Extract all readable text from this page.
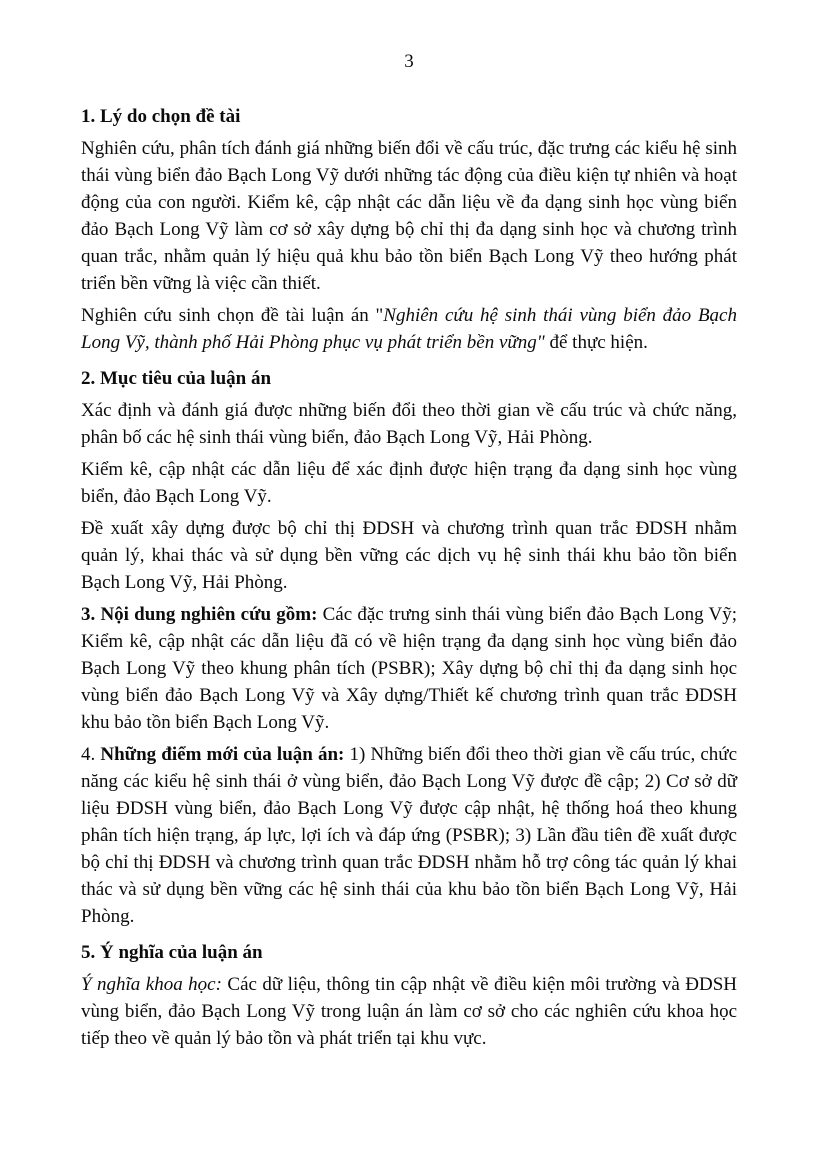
3
1. Lý do chọn đề tài

Nghiên cứu, phân tích đánh giá những biến đổi về cấu trúc, đặc trưng các kiểu hệ sinh thái vùng biển đảo Bạch Long Vỹ dưới những tác động của điều kiện tự nhiên và hoạt động của con người. Kiểm kê, cập nhật các dẫn liệu về đa dạng sinh học vùng biển đảo Bạch Long Vỹ làm cơ sở xây dựng bộ chỉ thị đa dạng sinh học và chương trình quan trắc, nhằm quản lý hiệu quả khu bảo tồn biển Bạch Long Vỹ theo hướng phát triển bền vững là việc cần thiết.

Nghiên cứu sinh chọn đề tài luận án "Nghiên cứu hệ sinh thái vùng biển đảo Bạch Long Vỹ, thành phố Hải Phòng phục vụ phát triển bền vững" để thực hiện.

2. Mục tiêu của luận án

Xác định và đánh giá được những biến đổi theo thời gian về cấu trúc và chức năng, phân bố các hệ sinh thái vùng biển, đảo Bạch Long Vỹ, Hải Phòng.

Kiểm kê, cập nhật các dẫn liệu để xác định được hiện trạng đa dạng sinh học vùng biển, đảo Bạch Long Vỹ.

Đề xuất xây dựng được bộ chỉ thị ĐDSH và chương trình quan trắc ĐDSH nhằm quản lý, khai thác và sử dụng bền vững các dịch vụ hệ sinh thái khu bảo tồn biển Bạch Long Vỹ, Hải Phòng.

3. Nội dung nghiên cứu gồm: Các đặc trưng sinh thái vùng biển đảo Bạch Long Vỹ; Kiểm kê, cập nhật các dẫn liệu đã có về hiện trạng đa dạng sinh học vùng biển đảo Bạch Long Vỹ theo khung phân tích (PSBR); Xây dựng bộ chỉ thị đa dạng sinh học vùng biển đảo Bạch Long Vỹ và Xây dựng/Thiết kế chương trình quan trắc ĐDSH khu bảo tồn biển Bạch Long Vỹ.

4. Những điểm mới của luận án: 1) Những biến đổi theo thời gian về cấu trúc, chức năng các kiểu hệ sinh thái ở vùng biển, đảo Bạch Long Vỹ được đề cập; 2) Cơ sở dữ liệu ĐDSH vùng biển, đảo Bạch Long Vỹ được cập nhật, hệ thống hoá theo khung phân tích hiện trạng, áp lực, lợi ích và đáp ứng (PSBR); 3) Lần đầu tiên đề xuất được bộ chỉ thị ĐDSH và chương trình quan trắc ĐDSH nhằm hỗ trợ công tác quản lý khai thác và sử dụng bền vững các hệ sinh thái của khu bảo tồn biển Bạch Long Vỹ, Hải Phòng.

5. Ý nghĩa của luận án

Ý nghĩa khoa học: Các dữ liệu, thông tin cập nhật về điều kiện môi trường và ĐDSH vùng biển, đảo Bạch Long Vỹ trong luận án làm cơ sở cho các nghiên cứu khoa học tiếp theo về quản lý bảo tồn và phát triển tại khu vực.
